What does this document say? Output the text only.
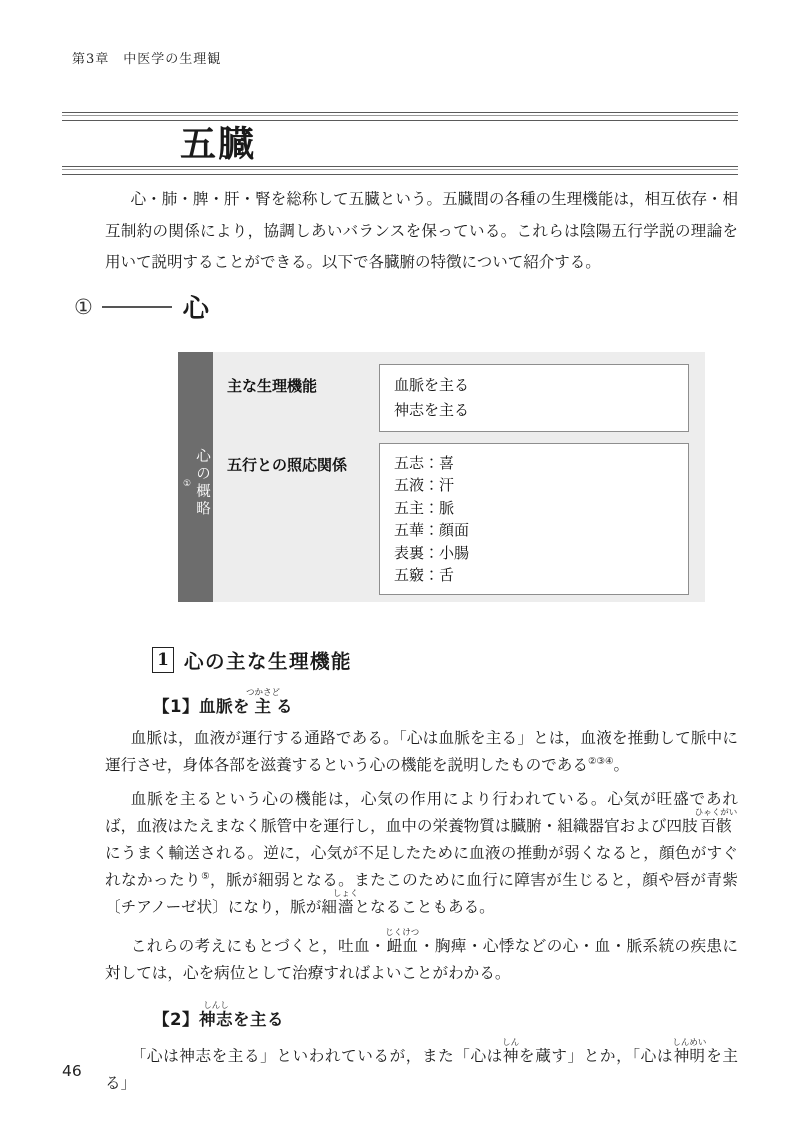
第3章　中医学の生理観
五臓

心・肺・脾・肝・腎を総称して五臓という。五臓間の各種の生理機能は，相互依存・相互制約の関係により，協調しあいバランスを保っている。これらは陰陽五行学説の理論を用いて説明することができる。以下で各臓腑の特徴について紹介する。

①	心
心の概略
①
主な生理機能	血脈を主る
神志を主る
五行との照応関係	五志：喜
五液：汗
五主：脈
五華：顔面
表裏：小腸
五竅：舌
1 心の主な生理機能
【1】血脈を主つかさどる

血脈は，血液が運行する通路である。「心は血脈を主る」とは，血液を推動して脈中に運行させ，身体各部を滋養するという心の機能を説明したものである②③④。

血脈を主るという心の機能は，心気の作用により行われている。心気が旺盛であれば，血液はたえまなく脈管中を運行し，血中の栄養物質は臓腑・組織器官および四肢百骸ひゃくがいにうまく輸送される。逆に，心気が不足したために血液の推動が弱くなると，顔色がすぐれなかったり⑤，脈が細弱となる。またこのために血行に障害が生じると，顔や唇が青紫〔チアノーゼ状〕になり，脈が細濇しょくとなることもある。

これらの考えにもとづくと，吐血・衄血じくけつ・胸痺・心悸などの心・血・脈系統の疾患に対しては，心を病位として治療すればよいことがわかる。

【2】神志しんしを主る

「心は神志を主る」といわれているが，また「心は神しんを蔵す」とか，「心は神明しんめいを主る」

46
